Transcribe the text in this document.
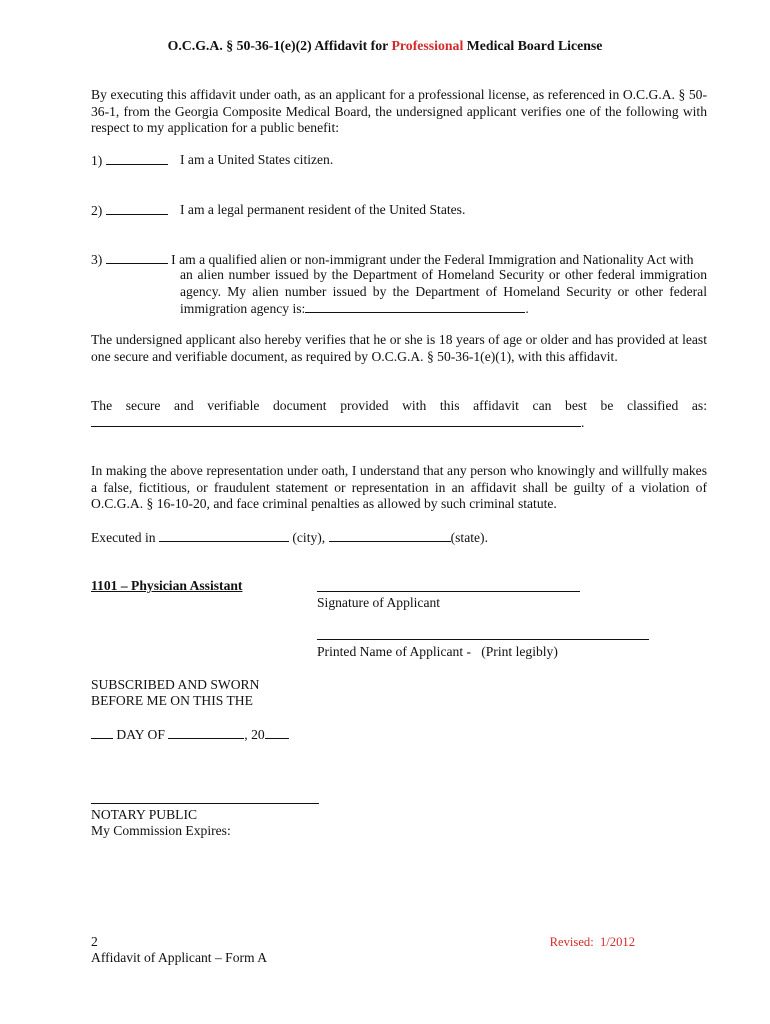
O.C.G.A. § 50-36-1(e)(2) Affidavit for Professional Medical Board License
By executing this affidavit under oath, as an applicant for a professional license, as referenced in O.C.G.A. § 50-36-1, from the Georgia Composite Medical Board, the undersigned applicant verifies one of the following with respect to my application for a public benefit:
1)	I am a United States citizen.
2)	I am a legal permanent resident of the United States.
3)	I am a qualified alien or non-immigrant under the Federal Immigration and Nationality Act with
an alien number issued by the Department of Homeland Security or other federal immigration agency. My alien number issued by the Department of Homeland Security or other federal immigration agency is:	.
The undersigned applicant also hereby verifies that he or she is 18 years of age or older and has provided at least one secure and verifiable document, as required by O.C.G.A. § 50-36-1(e)(1), with this affidavit.
The secure and verifiable document provided with this affidavit can best be classified as:
.
In making the above representation under oath, I understand that any person who knowingly and willfully makes a false, fictitious, or fraudulent statement or representation in an affidavit shall be guilty of a violation of O.C.G.A. § 16-10-20, and face criminal penalties as allowed by such criminal statute.
Executed in	(city),	(state).
1101 – Physician Assistant
Signature of Applicant
Printed Name of Applicant -   (Print legibly)
SUBSCRIBED AND SWORN
BEFORE ME ON THIS THE
DAY OF	, 20
NOTARY PUBLIC
My Commission Expires:
2
Affidavit of Applicant – Form A
Revised:  1/2012
